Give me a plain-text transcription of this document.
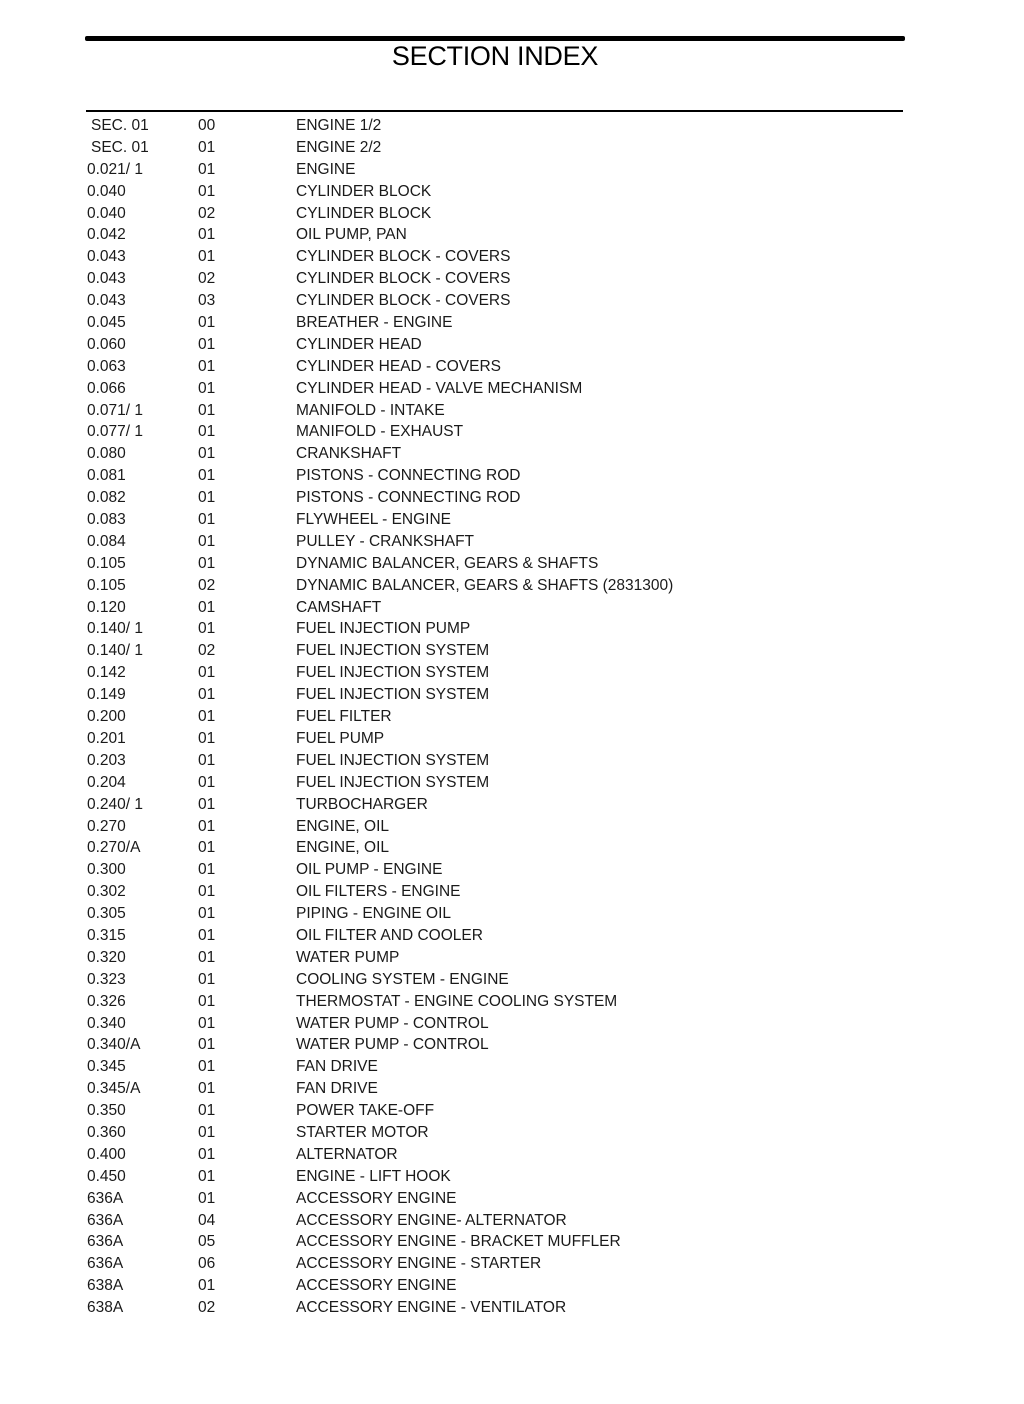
SECTION INDEX
SEC. 01	00	ENGINE 1/2
SEC. 01	01	ENGINE 2/2
0.021/ 1	01	ENGINE
0.040	01	CYLINDER BLOCK
0.040	02	CYLINDER BLOCK
0.042	01	OIL PUMP, PAN
0.043	01	CYLINDER BLOCK - COVERS
0.043	02	CYLINDER BLOCK - COVERS
0.043	03	CYLINDER BLOCK - COVERS
0.045	01	BREATHER - ENGINE
0.060	01	CYLINDER HEAD
0.063	01	CYLINDER HEAD - COVERS
0.066	01	CYLINDER HEAD - VALVE MECHANISM
0.071/ 1	01	MANIFOLD - INTAKE
0.077/ 1	01	MANIFOLD - EXHAUST
0.080	01	CRANKSHAFT
0.081	01	PISTONS - CONNECTING ROD
0.082	01	PISTONS - CONNECTING ROD
0.083	01	FLYWHEEL - ENGINE
0.084	01	PULLEY - CRANKSHAFT
0.105	01	DYNAMIC BALANCER, GEARS & SHAFTS
0.105	02	DYNAMIC BALANCER, GEARS & SHAFTS (2831300)
0.120	01	CAMSHAFT
0.140/ 1	01	FUEL INJECTION PUMP
0.140/ 1	02	FUEL INJECTION SYSTEM
0.142	01	FUEL INJECTION SYSTEM
0.149	01	FUEL INJECTION SYSTEM
0.200	01	FUEL FILTER
0.201	01	FUEL PUMP
0.203	01	FUEL INJECTION SYSTEM
0.204	01	FUEL INJECTION SYSTEM
0.240/ 1	01	TURBOCHARGER
0.270	01	ENGINE, OIL
0.270/A	01	ENGINE, OIL
0.300	01	OIL PUMP - ENGINE
0.302	01	OIL FILTERS - ENGINE
0.305	01	PIPING - ENGINE OIL
0.315	01	OIL FILTER AND COOLER
0.320	01	WATER PUMP
0.323	01	COOLING SYSTEM - ENGINE
0.326	01	THERMOSTAT - ENGINE COOLING SYSTEM
0.340	01	WATER PUMP - CONTROL
0.340/A	01	WATER PUMP - CONTROL
0.345	01	FAN DRIVE
0.345/A	01	FAN DRIVE
0.350	01	POWER TAKE-OFF
0.360	01	STARTER MOTOR
0.400	01	ALTERNATOR
0.450	01	ENGINE - LIFT HOOK
636A	01	ACCESSORY ENGINE
636A	04	ACCESSORY ENGINE- ALTERNATOR
636A	05	ACCESSORY ENGINE - BRACKET MUFFLER
636A	06	ACCESSORY ENGINE - STARTER
638A	01	ACCESSORY ENGINE
638A	02	ACCESSORY ENGINE - VENTILATOR
